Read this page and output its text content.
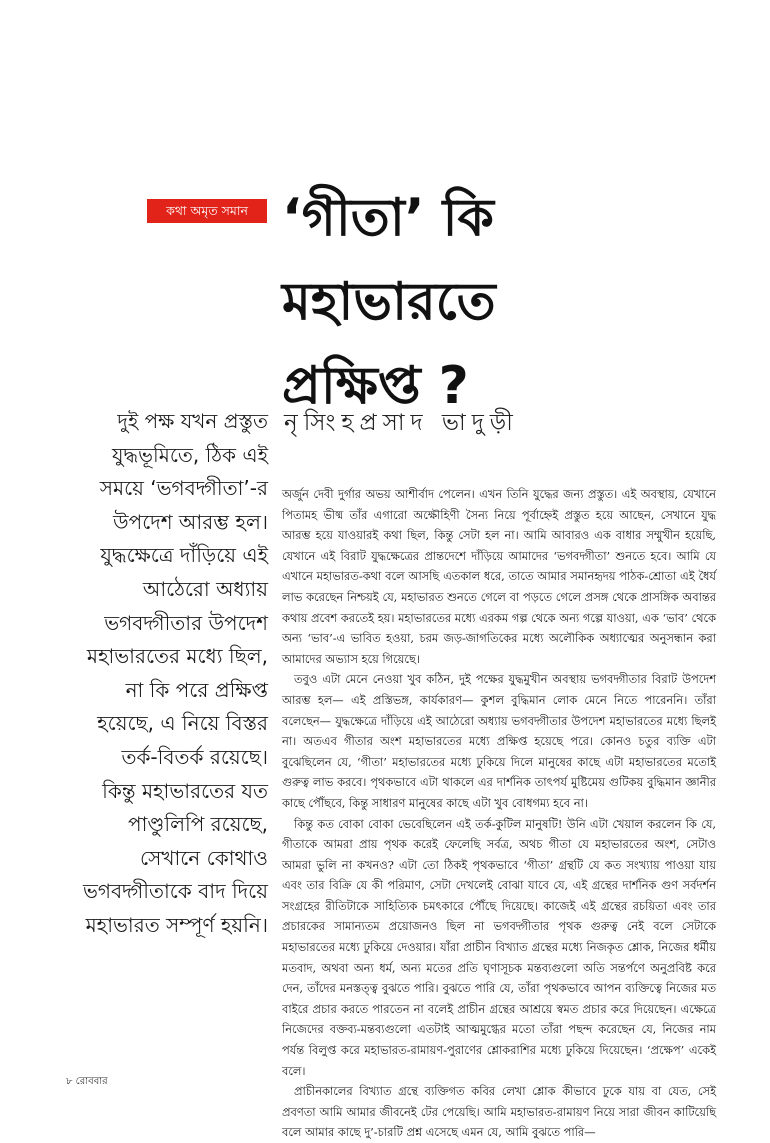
কথা অমৃত সমান ‘গীতা’ কি
মহাভারতে
প্রক্ষিপ্ত ?
নৃসিংহপ্রসাদ ভাদুড়ী
দুই পক্ষ যখন প্রস্তুত
যুদ্ধভূমিতে, ঠিক এই
সময়ে ‘ভগবদ্গীতা’-র
উপদেশ আরম্ভ হল।
যুদ্ধক্ষেত্রে দাঁড়িয়ে এই
আঠেরো অধ্যায়
ভগবদ্গীতার উপদেশ
মহাভারতের মধ্যে ছিল,
না কি পরে প্রক্ষিপ্ত
হয়েছে, এ নিয়ে বিস্তর
তর্ক-বিতর্ক রয়েছে।
কিন্তু মহাভারতের যত
পাণ্ডুলিপি রয়েছে,
সেখানে কোথাও
ভগবদ্গীতাকে বাদ দিয়ে
মহাভারত সম্পূর্ণ হয়নি।

অর্জুন দেবী দুর্গার অভয় আশীর্বাদ পেলেন। এখন তিনি যুদ্ধের জন্য প্রস্তুত। এই অবস্থায়, যেখানে পিতামহ ভীষ্ম তাঁর এগারো অক্ষৌহিণী সৈন্য নিয়ে পূর্বাহ্নেই প্রস্তুত হয়ে আছেন, সেখানে যুদ্ধ আরম্ভ হয়ে যাওয়ারই কথা ছিল, কিন্তু সেটা হল না। আমি আবারও এক বাধার সম্মুখীন হয়েছি, যেখানে এই বিরাট যুদ্ধক্ষেত্রের প্রান্তদেশে দাঁড়িয়ে আমাদের ‘ভগবদ্গীতা’ শুনতে হবে। আমি যে এখানে মহাভারত-কথা বলে আসছি এতকাল ধরে, তাতে আমার সমানহৃদয় পাঠক-শ্রোতা এই ধৈর্য লাভ করেছেন নিশ্চয়ই যে, মহাভারত শুনতে গেলে বা পড়তে গেলে প্রসঙ্গ থেকে প্রাসঙ্গিক অবান্তর কথায় প্রবেশ করতেই হয়। মহাভারতের মধ্যে এরকম গল্প থেকে অন্য গল্পে যাওয়া, এক ‘ভাব’ থেকে অন্য ‘ভাব’-এ ভাবিত হওয়া, চরম জড়-জাগতিকের মধ্যে অলৌকিক অধ্যাত্মের অনুসন্ধান করা আমাদের অভ্যাস হয়ে গিয়েছে।

তবুও এটা মেনে নেওয়া খুব কঠিন, দুই পক্ষের যুদ্ধমুখীন অবস্থায় ভগবদ্গীতার বিরাট উপদেশ আরম্ভ হল— এই প্রস্তিভঙ্গ, কার্যকারণ— কুশল বুদ্ধিমান লোক মেনে নিতে পারেননি। তাঁরা বলেছেন— যুদ্ধক্ষেত্রে দাঁড়িয়ে এই আঠেরো অধ্যায় ভগবদ্গীতার উপদেশ মহাভারতের মধ্যে ছিলই না। অতএব গীতার অংশ মহাভারতের মধ্যে প্রক্ষিপ্ত হয়েছে পরে। কোনও চতুর ব্যক্তি এটা বুঝেছিলেন যে, ‘গীতা’ মহাভারতের মধ্যে ঢুকিয়ে দিলে মানুষের কাছে এটা মহাভারতের মতোই গুরুত্ব লাভ করবে। পৃথকভাবে এটা থাকলে এর দার্শনিক তাৎপর্য মুষ্টিমেয় গুটিকয় বুদ্ধিমান জ্ঞানীর কাছে পৌঁছবে, কিন্তু সাধারণ মানুষের কাছে এটা খুব বোধগম্য হবে না।

কিন্তু কত বোকা বোকা ভেবেছিলেন এই তর্ক-কুটিল মানুষটি! উনি এটা খেয়াল করলেন কি যে, গীতাকে আমরা প্রায় পৃথক করেই ফেলেছি সর্বত্র, অথচ গীতা যে মহাভারতের অংশ, সেটাও আমরা ভুলি না কখনও? এটা তো ঠিকই পৃথকভাবে ‘গীতা’ গ্রন্থটি যে কত সংখ্যায় পাওয়া যায় এবং তার বিক্রি যে কী পরিমাণ, সেটা দেখলেই বোঝা যাবে যে, এই গ্রন্থের দার্শনিক গুণ সর্বদর্শন সংগ্রহের রীতিটাকে সাহিত্যিক চমৎকারে পৌঁছে দিয়েছে। কাজেই এই গ্রন্থের রচয়িতা এবং তার প্রচারকের সামান্যতম প্রয়োজনও ছিল না ভগবদ্গীতার পৃথক গুরুত্ব নেই বলে সেটাকে মহাভারতের মধ্যে ঢুকিয়ে দেওয়ার। যাঁরা প্রাচীন বিখ্যাত গ্রন্থের মধ্যে নিজকৃত শ্লোক, নিজের ধর্মীয় মতবাদ, অথবা অন্য ধর্ম, অন্য মতের প্রতি ঘৃণাসূচক মন্তব্যগুলো অতি সন্তর্পণে অনুপ্রবিষ্ট করে দেন, তাঁদের মনস্তত্ত্ব বুঝতে পারি। বুঝতে পারি যে, তাঁরা পৃথকভাবে আপন ব্যক্তিত্বে নিজের মত বাইরে প্রচার করতে পারতেন না বলেই প্রাচীন গ্রন্থের আশ্রয়ে স্বমত প্রচার করে দিয়েছেন। এক্ষেত্রে নিজেদের বক্তব্য-মন্তব্যগুলো এতটাই আত্মমুগ্ধের মতো তাঁরা পছন্দ করেছেন যে, নিজের নাম পর্যন্ত বিলুপ্ত করে মহাভারত-রামায়ণ-পুরাণের শ্লোকরাশির মধ্যে ঢুকিয়ে দিয়েছেন। ‘প্রক্ষেপ’ একেই বলে।

প্রাচীনকালের বিখ্যাত গ্রন্থে ব্যক্তিগত কবির লেখা শ্লোক কীভাবে ঢুকে যায় বা যেত, সেই প্রবণতা আমি আমার জীবনেই টের পেয়েছি। আমি মহাভারত-রামায়ণ নিয়ে সারা জীবন কাটিয়েছি বলে আমার কাছে দু’-চারটি প্রশ্ন এসেছে এমন যে, আমি বুঝতে পারি—

৮ রোববার
